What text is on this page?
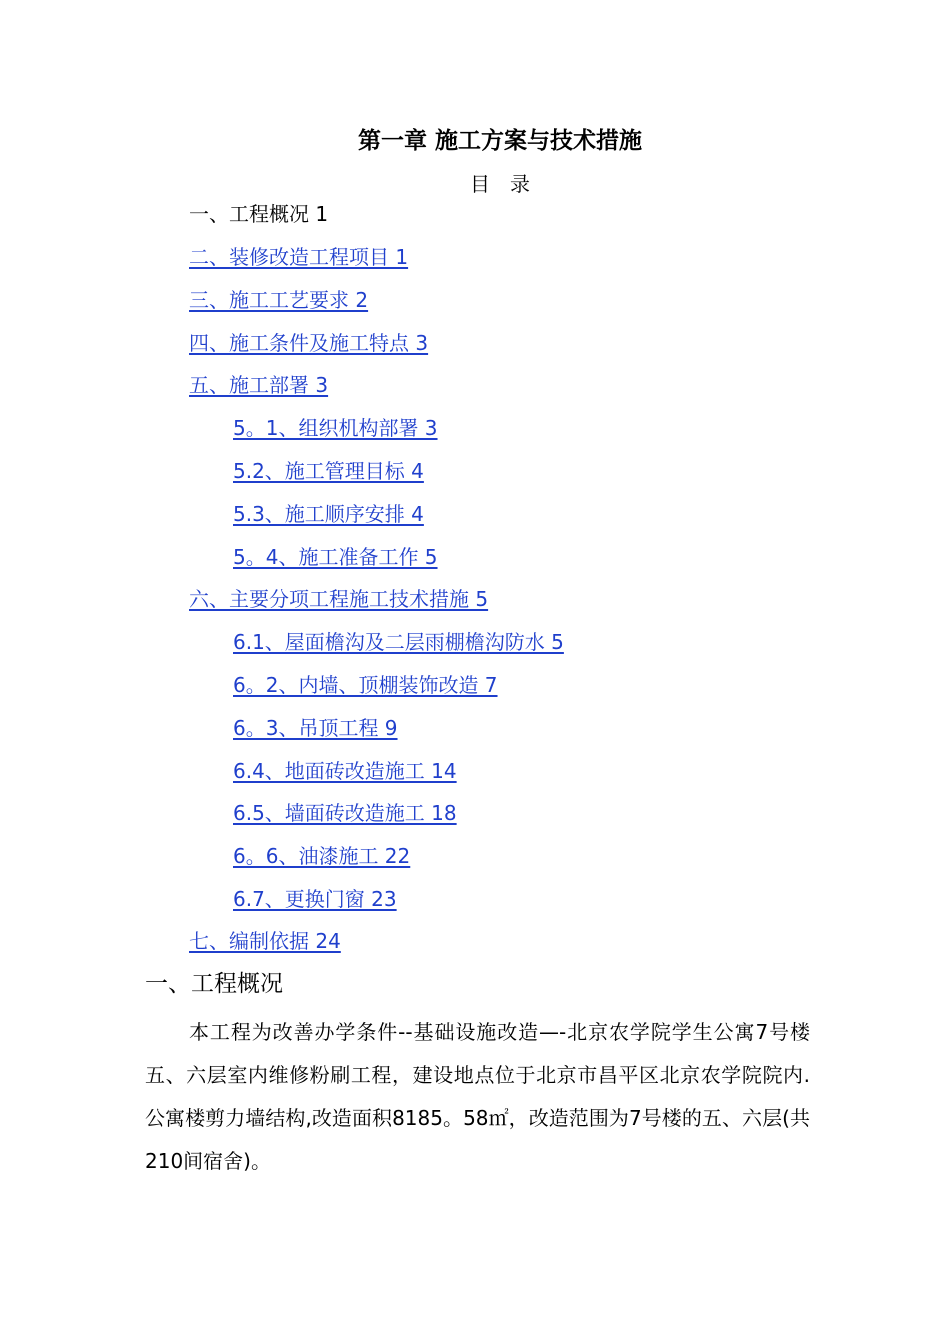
第一章 施工方案与技术措施
目　录
一、工程概况 1
二、装修改造工程项目 1
三、施工工艺要求 2
四、施工条件及施工特点 3
五、施工部署 3
5。1、组织机构部署 3
5.2、施工管理目标 4
5.3、施工顺序安排 4
5。4、施工准备工作 5
六、主要分项工程施工技术措施 5
6.1、屋面檐沟及二层雨棚檐沟防水 5
6。2、内墙、顶棚装饰改造 7
6。3、吊顶工程 9
6.4、地面砖改造施工 14
6.5、墙面砖改造施工 18
6。6、油漆施工 22
6.7、更换门窗 23
七、编制依据 24
一、工程概况
本工程为改善办学条件--基础设施改造—-北京农学院学生公寓7号楼五、六层室内维修粉刷工程，建设地点位于北京市昌平区北京农学院院内.公寓楼剪力墙结构,改造面积8185。58㎡，改造范围为7号楼的五、六层(共210间宿舍)。
